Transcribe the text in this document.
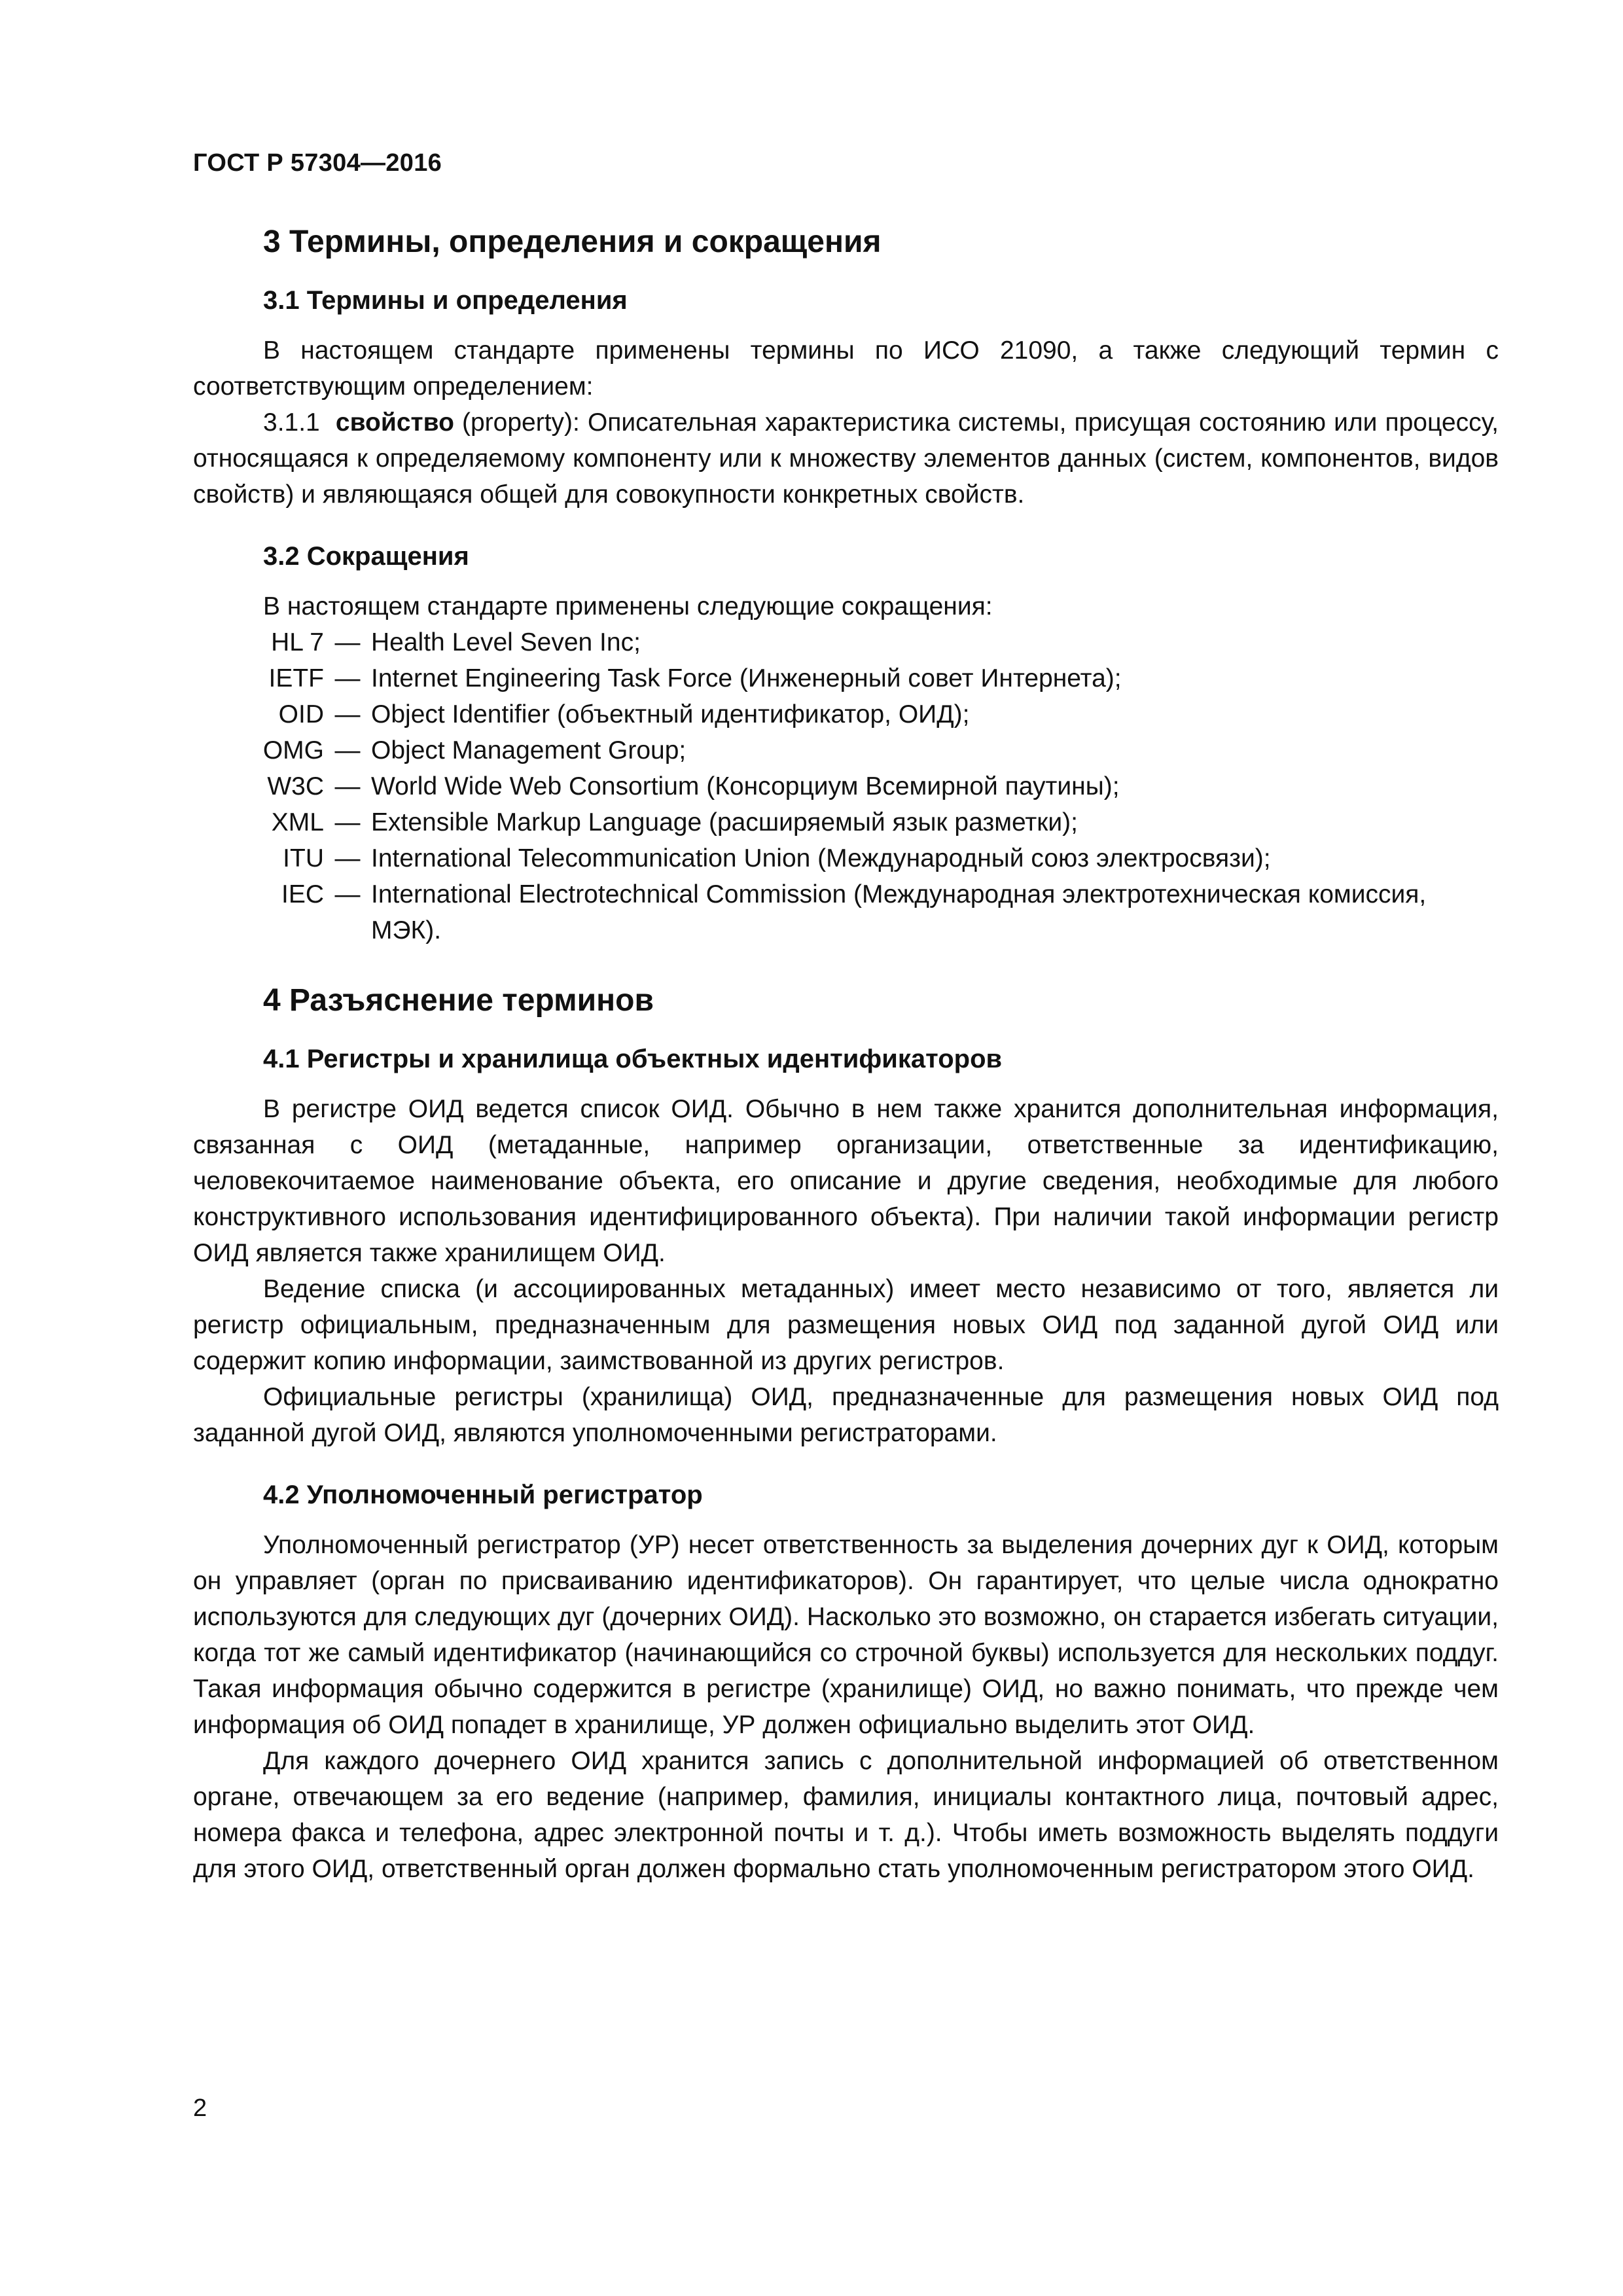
ГОСТ Р 57304—2016
3 Термины, определения и сокращения
3.1 Термины и определения

В настоящем стандарте применены термины по ИСО 21090, а также следующий термин с соответствующим определением:

3.1.1 свойство (property): Описательная характеристика системы, присущая состоянию или процессу, относящаяся к определяемому компоненту или к множеству элементов данных (систем, компонентов, видов свойств) и являющаяся общей для совокупности конкретных свойств.

3.2 Сокращения

В настоящем стандарте применены следующие сокращения:

HL 7 — Health Level Seven Inc;
IETF — Internet Engineering Task Force (Инженерный совет Интернета);
OID — Object Identifier (объектный идентификатор, ОИД);
OMG — Object Management Group;
W3C — World Wide Web Consortium (Консорциум Всемирной паутины);
XML — Extensible Markup Language (расширяемый язык разметки);
ITU — International Telecommunication Union (Международный союз электросвязи);
IEC — International Electrotechnical Commission (Международная электротехническая комиссия, МЭК).
4 Разъяснение терминов
4.1 Регистры и хранилища объектных идентификаторов

В регистре ОИД ведется список ОИД. Обычно в нем также хранится дополнительная информация, связанная с ОИД (метаданные, например организации, ответственные за идентификацию, человекочитаемое наименование объекта, его описание и другие сведения, необходимые для любого конструктивного использования идентифицированного объекта). При наличии такой информации регистр ОИД является также хранилищем ОИД.

Ведение списка (и ассоциированных метаданных) имеет место независимо от того, является ли регистр официальным, предназначенным для размещения новых ОИД под заданной дугой ОИД или содержит копию информации, заимствованной из других регистров.

Официальные регистры (хранилища) ОИД, предназначенные для размещения новых ОИД под заданной дугой ОИД, являются уполномоченными регистраторами.

4.2 Уполномоченный регистратор

Уполномоченный регистратор (УР) несет ответственность за выделения дочерних дуг к ОИД, которым он управляет (орган по присваиванию идентификаторов). Он гарантирует, что целые числа однократно используются для следующих дуг (дочерних ОИД). Насколько это возможно, он старается избегать ситуации, когда тот же самый идентификатор (начинающийся со строчной буквы) используется для нескольких поддуг. Такая информация обычно содержится в регистре (хранилище) ОИД, но важно понимать, что прежде чем информация об ОИД попадет в хранилище, УР должен официально выделить этот ОИД.

Для каждого дочернего ОИД хранится запись с дополнительной информацией об ответственном органе, отвечающем за его ведение (например, фамилия, инициалы контактного лица, почтовый адрес, номера факса и телефона, адрес электронной почты и т. д.). Чтобы иметь возможность выделять поддуги для этого ОИД, ответственный орган должен формально стать уполномоченным регистратором этого ОИД.

2
